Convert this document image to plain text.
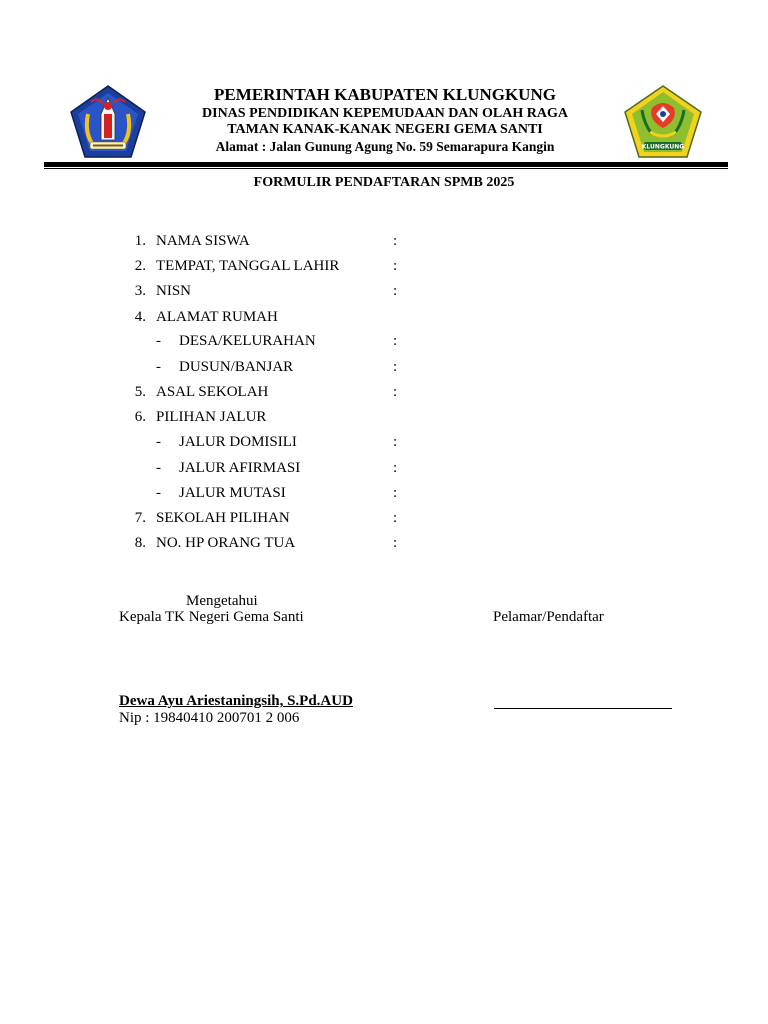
KLUNGKUNG
PEMERINTAH KABUPATEN KLUNGKUNG
DINAS PENDIDIKAN KEPEMUDAAN DAN OLAH RAGA
TAMAN KANAK-KANAK NEGERI GEMA SANTI
Alamat : Jalan Gunung Agung No. 59 Semarapura Kangin
FORMULIR PENDAFTARAN SPMB 2025
1. NAMA SISWA	:
2. TEMPAT, TANGGAL LAHIR	:
3. NISN	:
4. ALAMAT RUMAH
- DESA/KELURAHAN	:
- DUSUN/BANJAR	:
5. ASAL SEKOLAH	:
6. PILIHAN JALUR
- JALUR DOMISILI	:
- JALUR AFIRMASI	:
- JALUR MUTASI	:
7. SEKOLAH PILIHAN	:
8. NO. HP ORANG TUA	:
Mengetahui
Kepala TK Negeri Gema Santi	Pelamar/Pendaftar
Dewa Ayu Ariestaningsih, S.Pd.AUD
Nip : 19840410 200701 2 006
